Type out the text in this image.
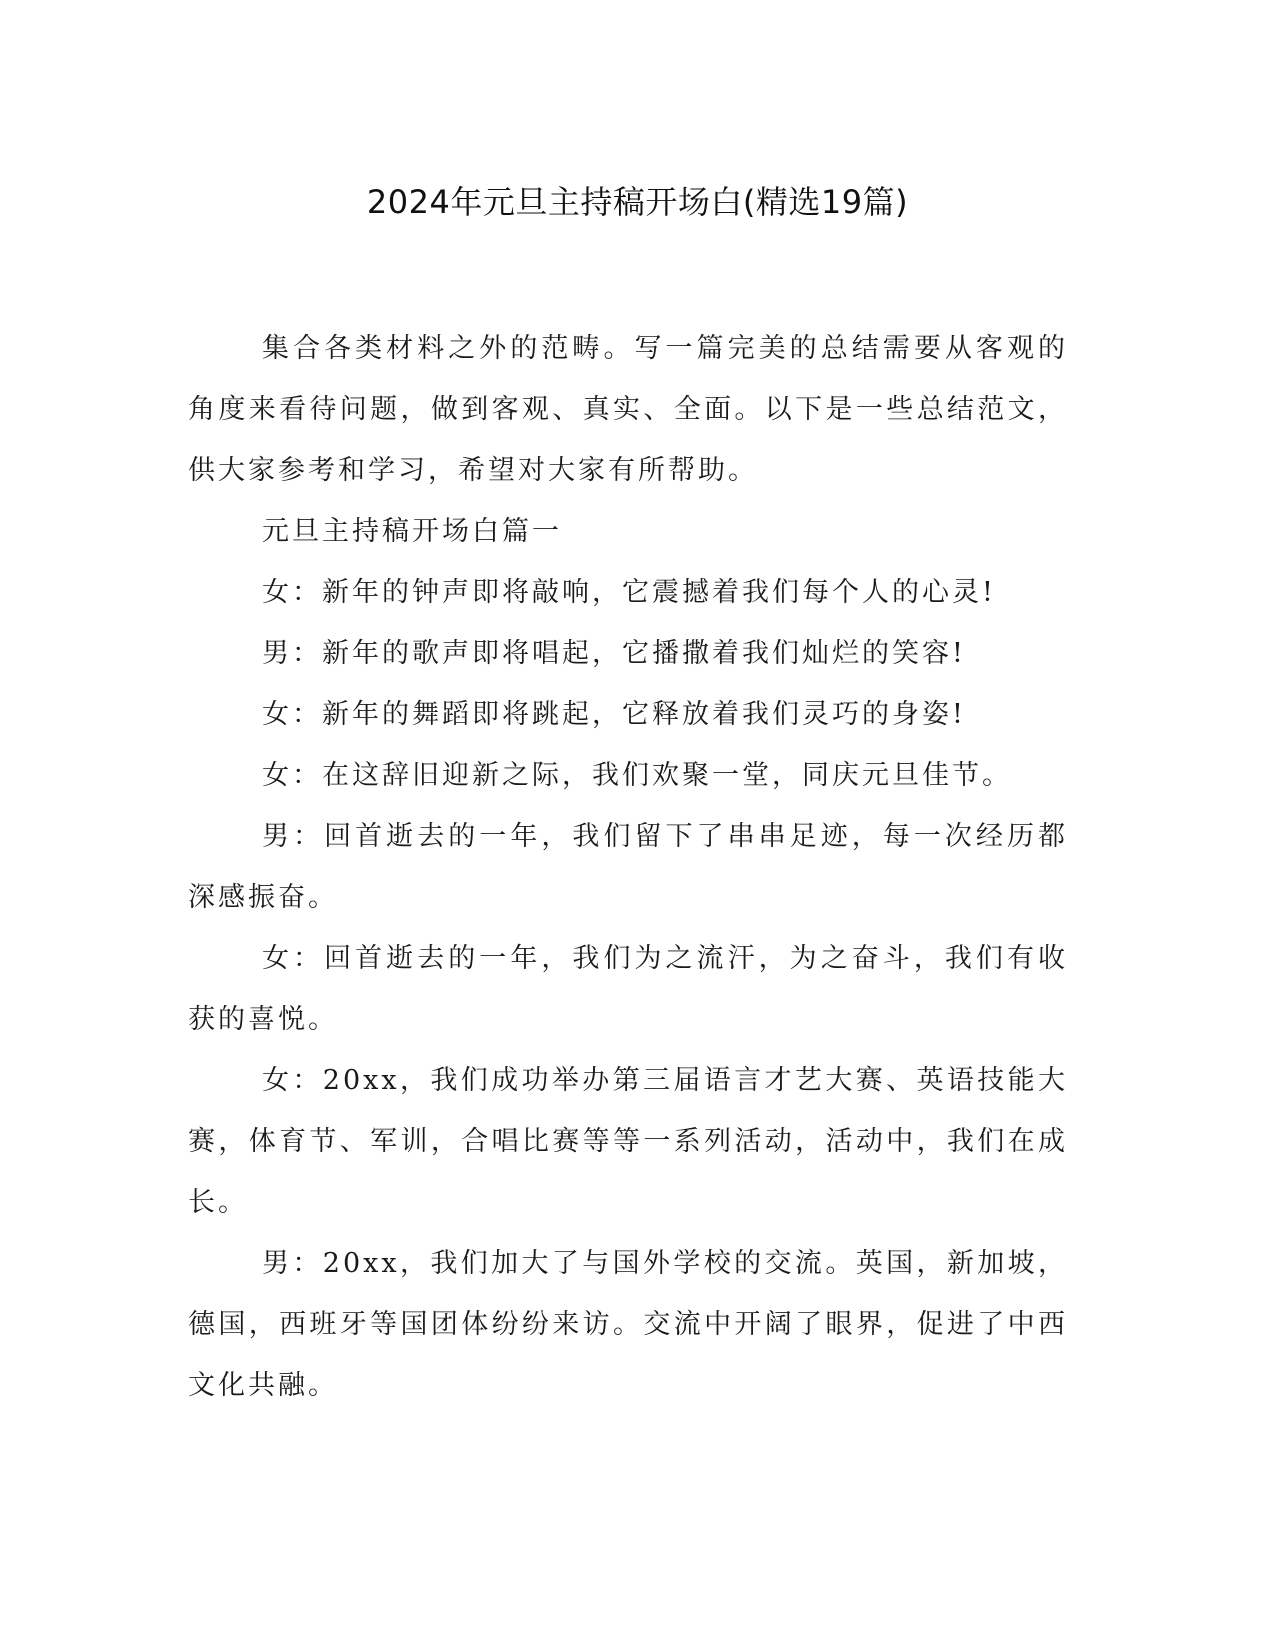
2024年元旦主持稿开场白(精选19篇)

集合各类材料之外的范畴。写一篇完美的总结需要从客观的角度来看待问题，做到客观、真实、全面。以下是一些总结范文，供大家参考和学习，希望对大家有所帮助。

元旦主持稿开场白篇一

女：新年的钟声即将敲响，它震撼着我们每个人的心灵!

男：新年的歌声即将唱起，它播撒着我们灿烂的笑容!

女：新年的舞蹈即将跳起，它释放着我们灵巧的身姿!

女：在这辞旧迎新之际，我们欢聚一堂，同庆元旦佳节。

男：回首逝去的一年，我们留下了串串足迹，每一次经历都深感振奋。

女：回首逝去的一年，我们为之流汗，为之奋斗，我们有收获的喜悦。

女：20xx，我们成功举办第三届语言才艺大赛、英语技能大赛，体育节、军训，合唱比赛等等一系列活动，活动中，我们在成长。

男：20xx，我们加大了与国外学校的交流。英国，新加坡，德国，西班牙等国团体纷纷来访。交流中开阔了眼界，促进了中西文化共融。
